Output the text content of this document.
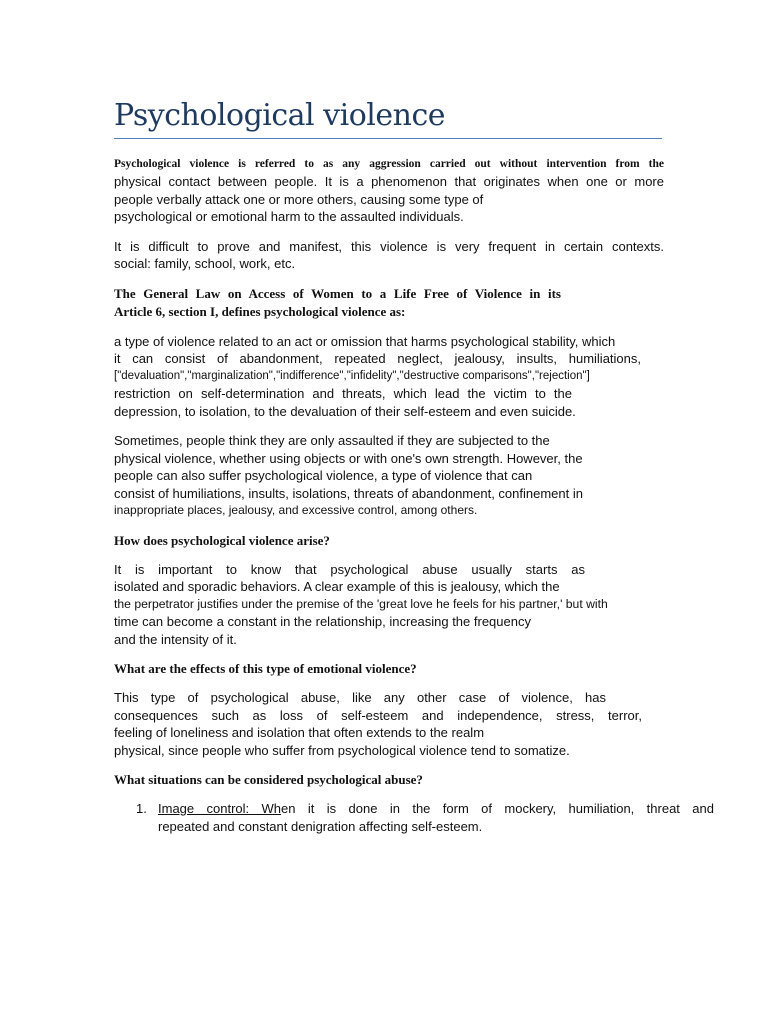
Psychological violence
Psychological violence is referred to as any aggression carried out without intervention from the
physical contact between people. It is a phenomenon that originates when one or more
people verbally attack one or more others, causing some type of
psychological or emotional harm to the assaulted individuals.
It is difficult to prove and manifest, this violence is very frequent in certain contexts.
social: family, school, work, etc.
The General Law on Access of Women to a Life Free of Violence in its
Article 6, section I, defines psychological violence as:
a type of violence related to an act or omission that harms psychological stability, which
it can consist of abandonment, repeated neglect, jealousy, insults, humiliations,
["devaluation","marginalization","indifference","infidelity","destructive comparisons","rejection"]
restriction on self-determination and threats, which lead the victim to the
depression, to isolation, to the devaluation of their self-esteem and even suicide.
Sometimes, people think they are only assaulted if they are subjected to the
physical violence, whether using objects or with one's own strength. However, the
people can also suffer psychological violence, a type of violence that can
consist of humiliations, insults, isolations, threats of abandonment, confinement in
inappropriate places, jealousy, and excessive control, among others.
How does psychological violence arise?
It is important to know that psychological abuse usually starts as
isolated and sporadic behaviors. A clear example of this is jealousy, which the
the perpetrator justifies under the premise of the 'great love he feels for his partner,' but with
time can become a constant in the relationship, increasing the frequency
and the intensity of it.
What are the effects of this type of emotional violence?
This type of psychological abuse, like any other case of violence, has
consequences such as loss of self-esteem and independence, stress, terror,
feeling of loneliness and isolation that often extends to the realm
physical, since people who suffer from psychological violence tend to somatize.
What situations can be considered psychological abuse?
1. Image control: When it is done in the form of mockery, humiliation, threat and
repeated and constant denigration affecting self-esteem.
